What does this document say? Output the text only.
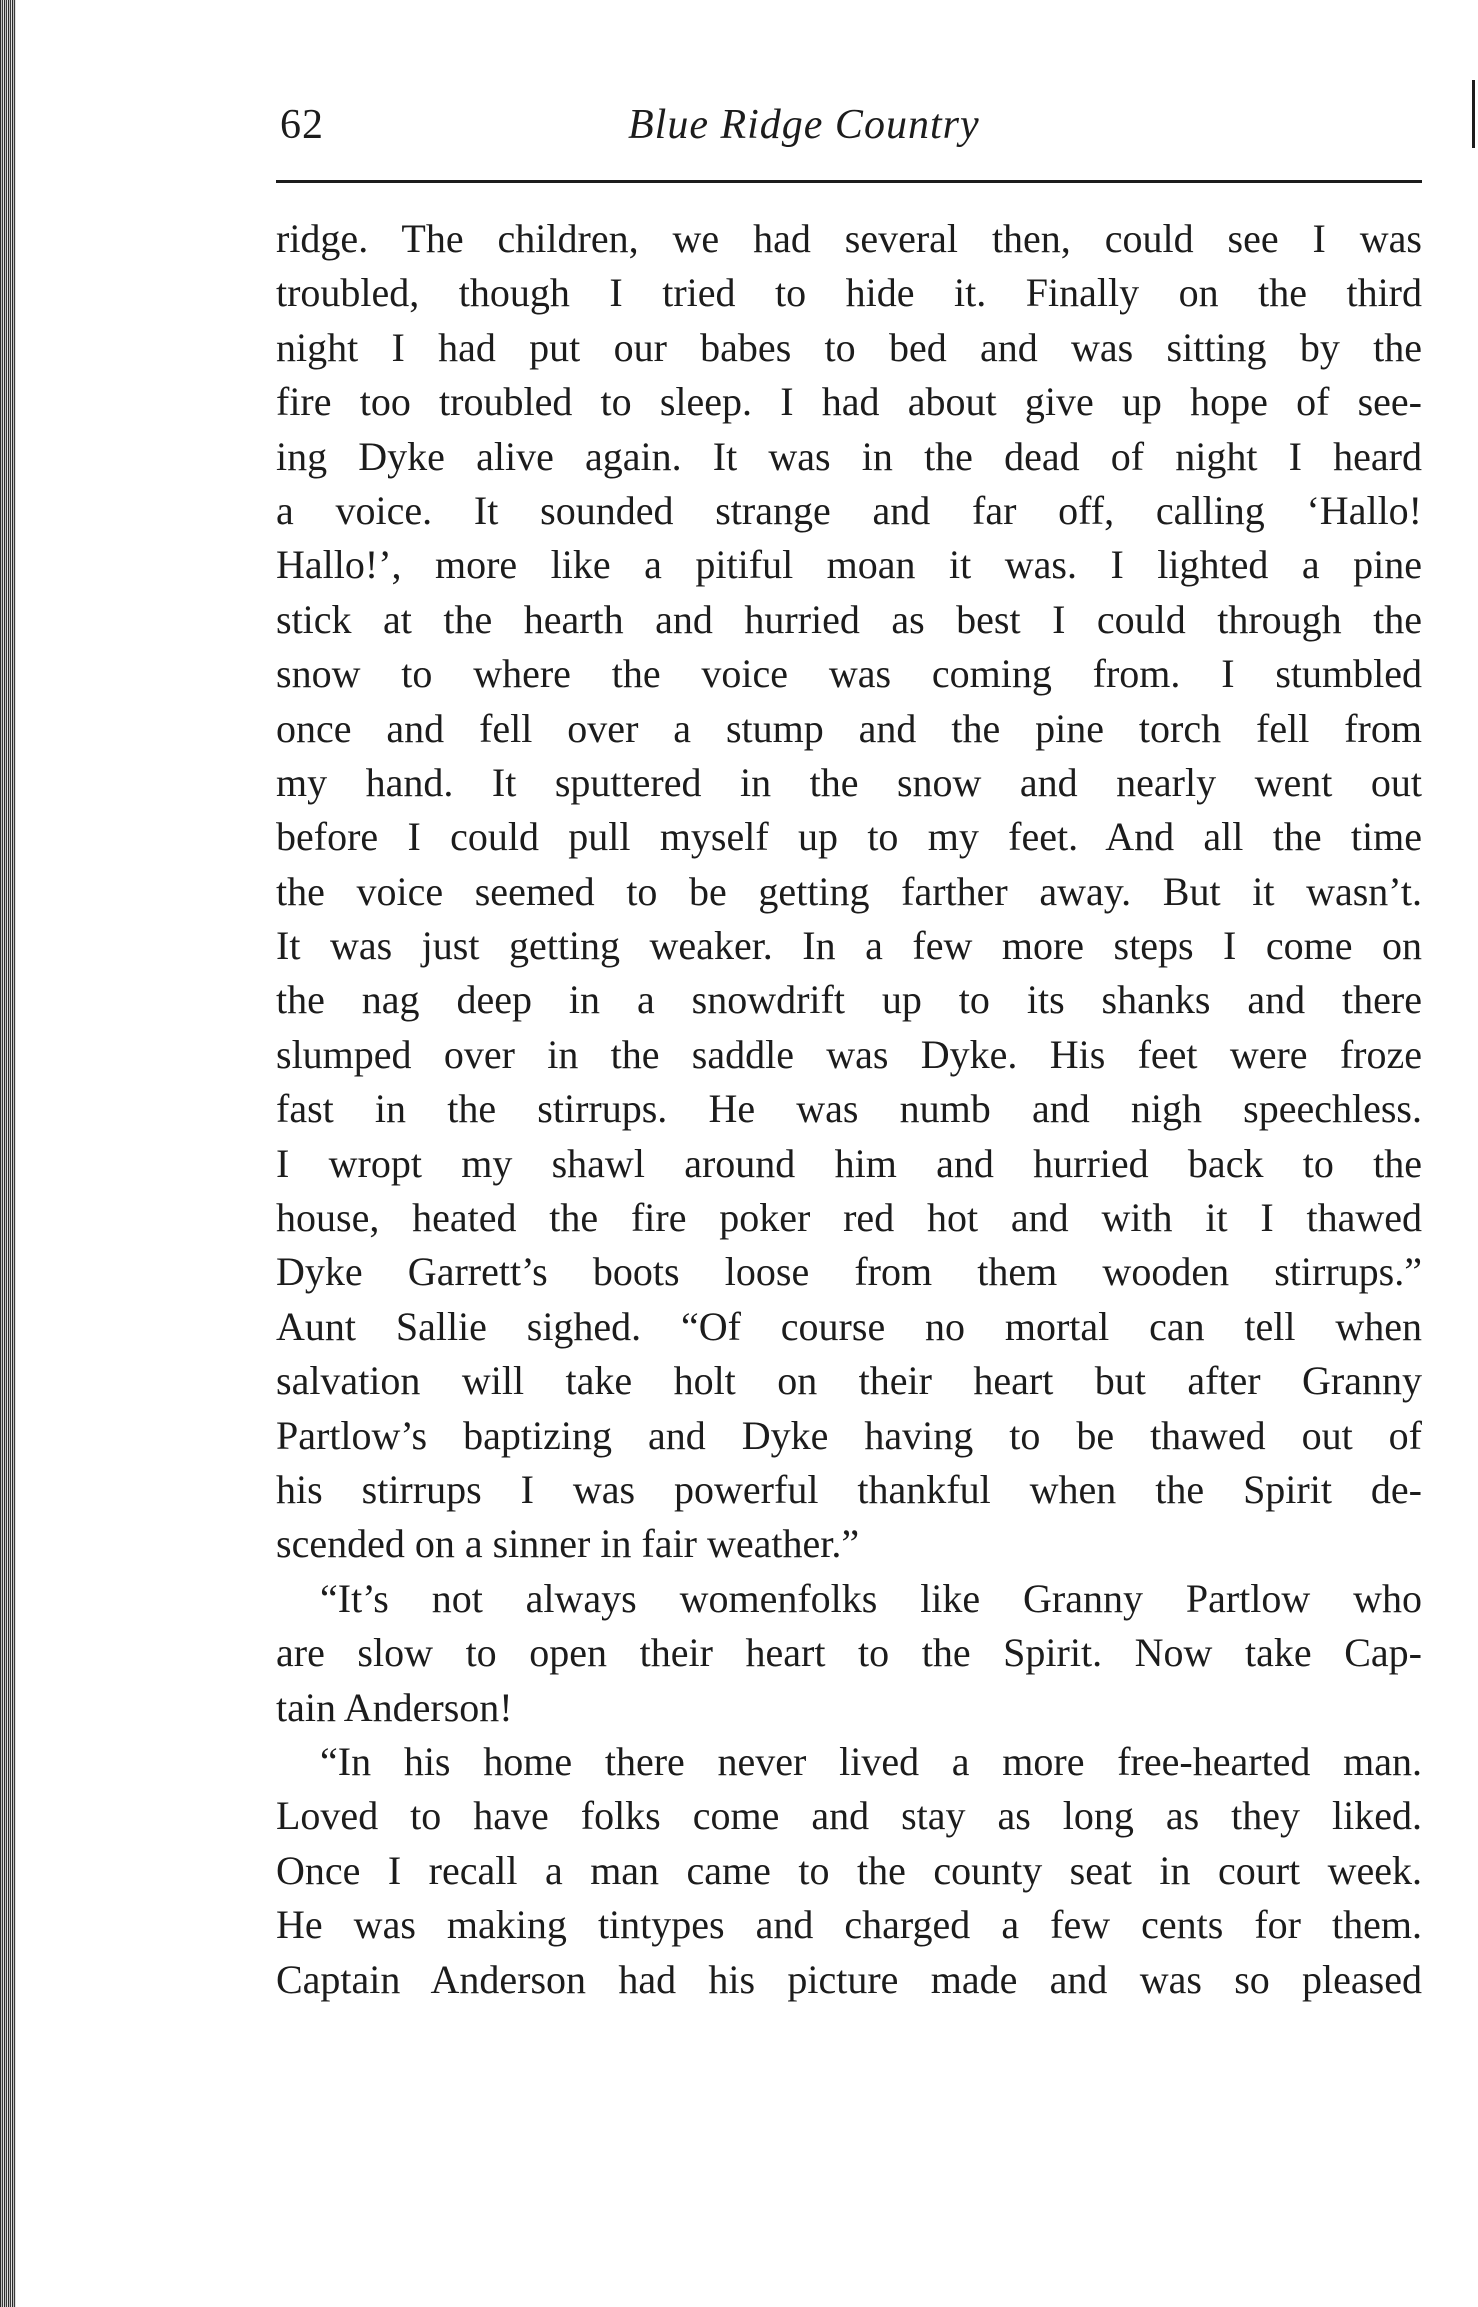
62	Blue Ridge Country
ridge. The children, we had several then, could see I was
troubled, though I tried to hide it. Finally on the third
night I had put our babes to bed and was sitting by the
fire too troubled to sleep. I had about give up hope of see-
ing Dyke alive again. It was in the dead of night I heard
a voice. It sounded strange and far off, calling ‘Hallo!
Hallo!’, more like a pitiful moan it was. I lighted a pine
stick at the hearth and hurried as best I could through the
snow to where the voice was coming from. I stumbled
once and fell over a stump and the pine torch fell from
my hand. It sputtered in the snow and nearly went out
before I could pull myself up to my feet. And all the time
the voice seemed to be getting farther away. But it wasn’t.
It was just getting weaker. In a few more steps I come on
the nag deep in a snowdrift up to its shanks and there
slumped over in the saddle was Dyke. His feet were froze
fast in the stirrups. He was numb and nigh speechless.
I wropt my shawl around him and hurried back to the
house, heated the fire poker red hot and with it I thawed
Dyke Garrett’s boots loose from them wooden stirrups.”
Aunt Sallie sighed. “Of course no mortal can tell when
salvation will take holt on their heart but after Granny
Partlow’s baptizing and Dyke having to be thawed out of
his stirrups I was powerful thankful when the Spirit de-
scended on a sinner in fair weather.”
“It’s not always womenfolks like Granny Partlow who
are slow to open their heart to the Spirit. Now take Cap-
tain Anderson!
“In his home there never lived a more free-hearted man.
Loved to have folks come and stay as long as they liked.
Once I recall a man came to the county seat in court week.
He was making tintypes and charged a few cents for them.
Captain Anderson had his picture made and was so pleased
